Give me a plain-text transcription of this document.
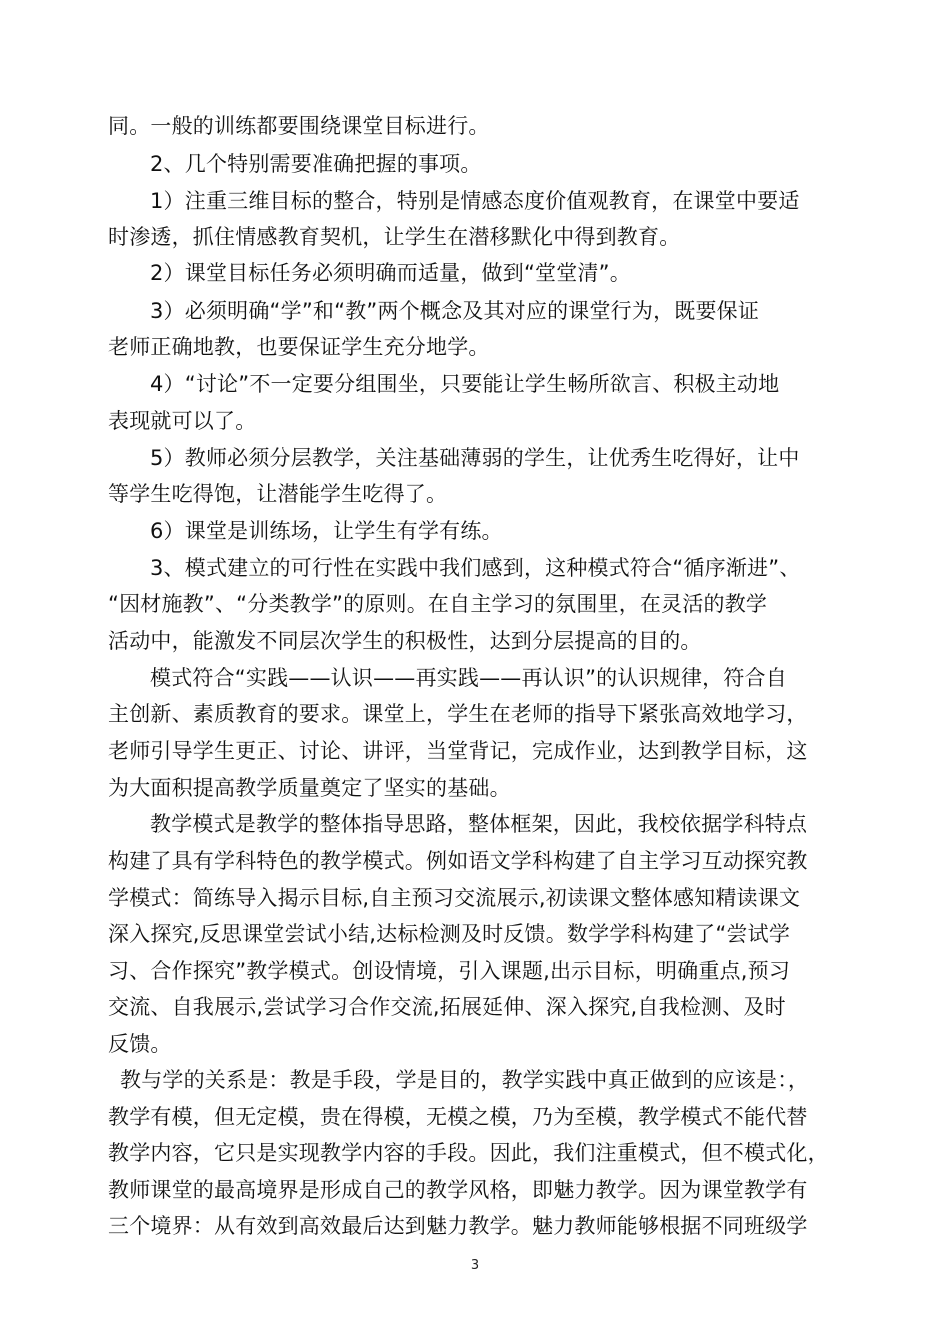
同。一般的训练都要围绕课堂目标进行。
2、几个特别需要准确把握的事项。
1）注重三维目标的整合，特别是情感态度价值观教育，在课堂中要适
时渗透，抓住情感教育契机，让学生在潜移默化中得到教育。
2）课堂目标任务必须明确而适量，做到“堂堂清”。
3）必须明确“学”和“教”两个概念及其对应的课堂行为，既要保证
老师正确地教，也要保证学生充分地学。
4）“讨论”不一定要分组围坐，只要能让学生畅所欲言、积极主动地
表现就可以了。
5）教师必须分层教学，关注基础薄弱的学生，让优秀生吃得好，让中
等学生吃得饱，让潜能学生吃得了。
6）课堂是训练场，让学生有学有练。
3、模式建立的可行性在实践中我们感到，这种模式符合“循序渐进”、
“因材施教”、“分类教学”的原则。在自主学习的氛围里，在灵活的教学
活动中，能激发不同层次学生的积极性，达到分层提高的目的。
模式符合“实践——认识——再实践——再认识”的认识规律，符合自
主创新、素质教育的要求。课堂上，学生在老师的指导下紧张高效地学习，
老师引导学生更正、讨论、讲评，当堂背记，完成作业，达到教学目标，这
为大面积提高教学质量奠定了坚实的基础。
教学模式是教学的整体指导思路，整体框架，因此，我校依据学科特点
构建了具有学科特色的教学模式。例如语文学科构建了自主学习互动探究教
学模式：简练导入揭示目标,自主预习交流展示,初读课文整体感知精读课文
深入探究,反思课堂尝试小结,达标检测及时反馈。数学学科构建了“尝试学
习、合作探究”教学模式。创设情境，引入课题,出示目标，明确重点,预习
交流、自我展示,尝试学习合作交流,拓展延伸、深入探究,自我检测、及时
反馈。
教与学的关系是：教是手段，学是目的，教学实践中真正做到的应该是：，
教学有模，但无定模，贵在得模，无模之模，乃为至模，教学模式不能代替
教学内容，它只是实现教学内容的手段。因此，我们注重模式，但不模式化，
教师课堂的最高境界是形成自己的教学风格，即魅力教学。因为课堂教学有
三个境界：从有效到高效最后达到魅力教学。魅力教师能够根据不同班级学
3
